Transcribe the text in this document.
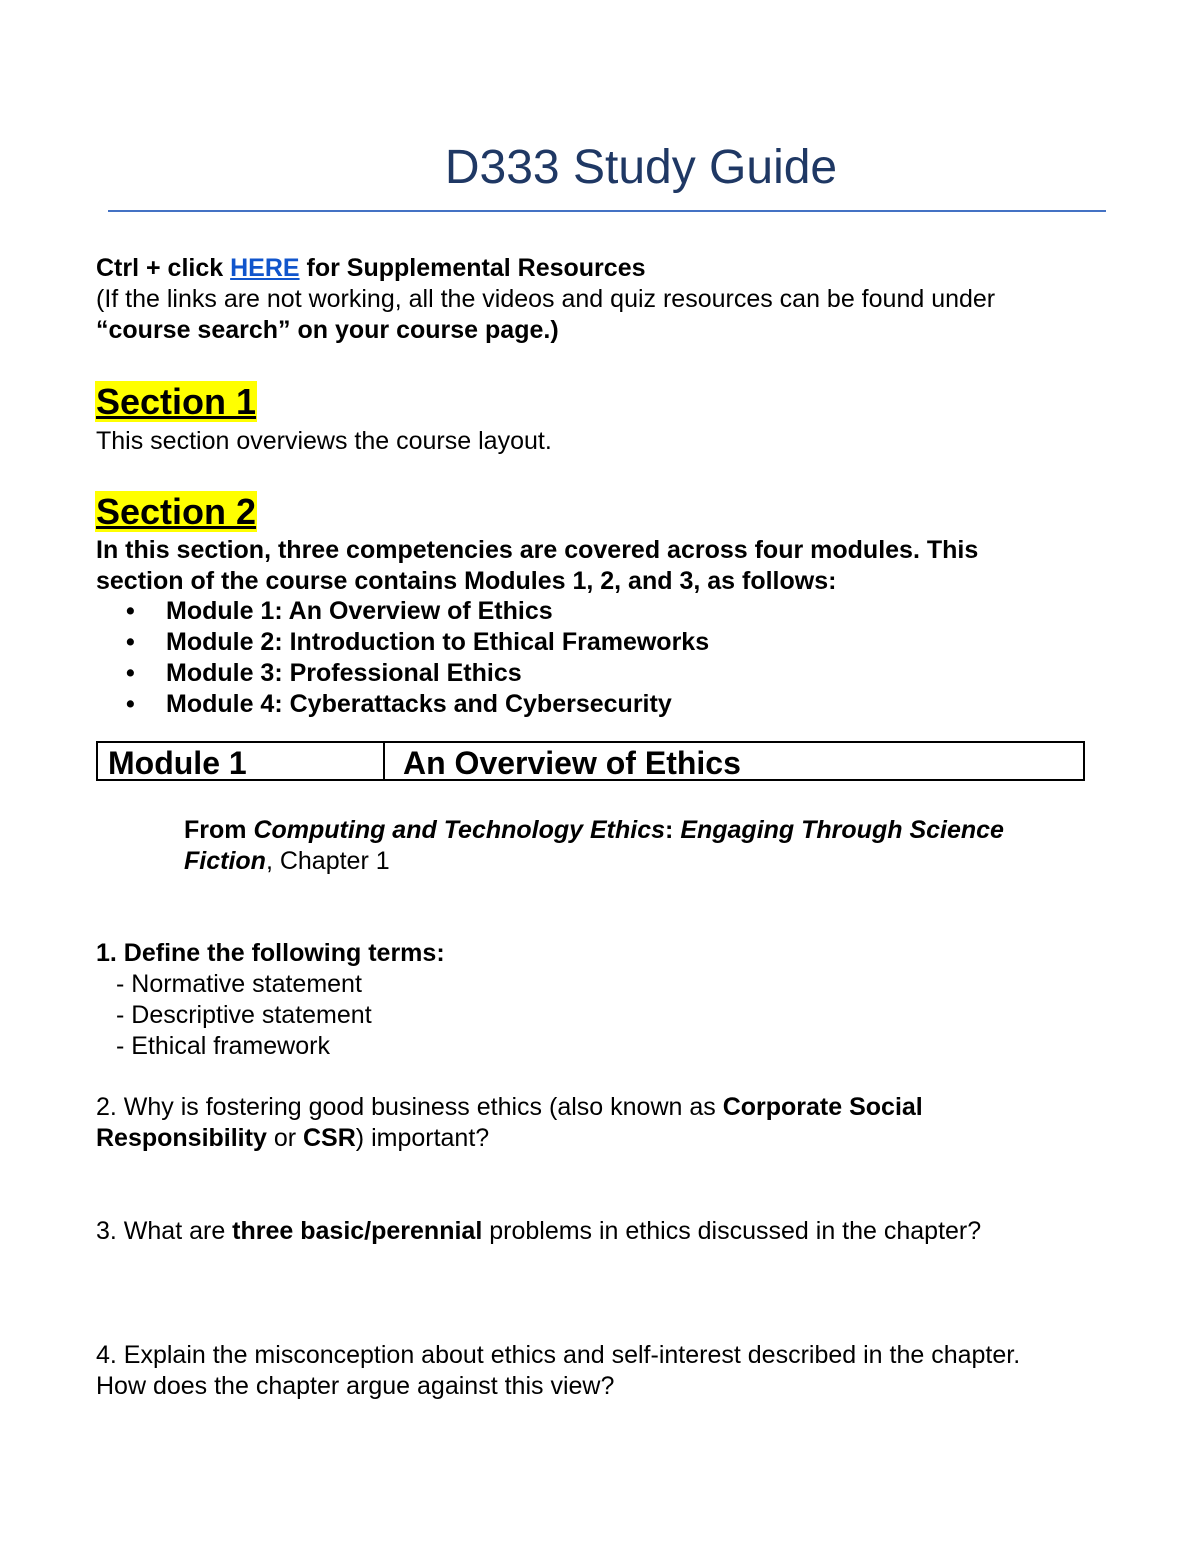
D333 Study Guide
Ctrl + click HERE for Supplemental Resources
(If the links are not working, all the videos and quiz resources can be found under
“course search” on your course page.)
Section 1
This section overviews the course layout.
Section 2
In this section, three competencies are covered across four modules. This
section of the course contains Modules 1, 2, and 3, as follows:
• Module 1: An Overview of Ethics
• Module 2: Introduction to Ethical Frameworks
• Module 3: Professional Ethics
• Module 4: Cyberattacks and Cybersecurity
Module 1	An Overview of Ethics
From Computing and Technology Ethics: Engaging Through Science
Fiction, Chapter 1
1. Define the following terms:
- Normative statement
- Descriptive statement
- Ethical framework
2. Why is fostering good business ethics (also known as Corporate Social
Responsibility or CSR) important?
3. What are three basic/perennial problems in ethics discussed in the chapter?
4. Explain the misconception about ethics and self-interest described in the chapter.
How does the chapter argue against this view?
